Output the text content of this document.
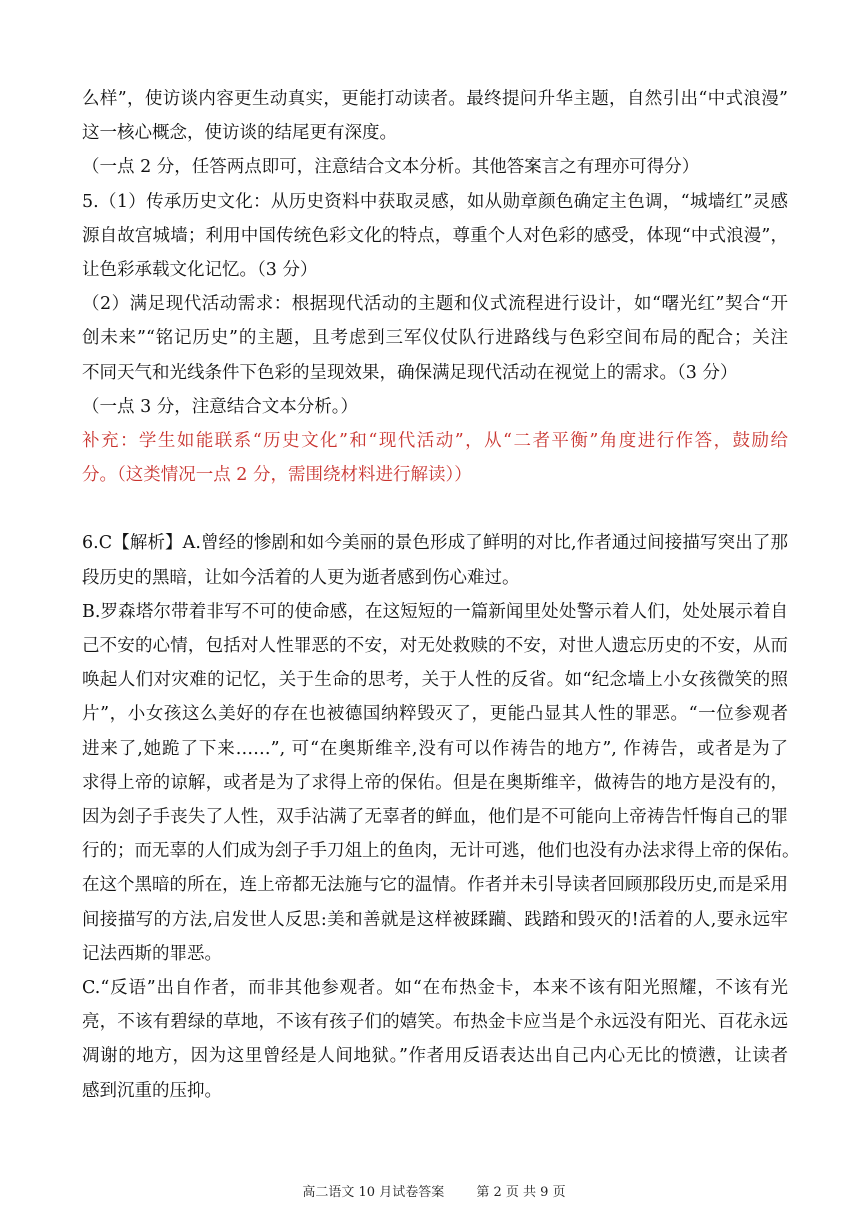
么样”，使访谈内容更生动真实，更能打动读者。最终提问升华主题，自然引出“中式浪漫”
这一核心概念，使访谈的结尾更有深度。
（一点 2 分，任答两点即可，注意结合文本分析。其他答案言之有理亦可得分）
5.（1）传承历史文化：从历史资料中获取灵感，如从勋章颜色确定主色调，“城墙红”灵感
源自故宫城墙；利用中国传统色彩文化的特点，尊重个人对色彩的感受，体现“中式浪漫”，
让色彩承载文化记忆。（3 分）
（2）满足现代活动需求：根据现代活动的主题和仪式流程进行设计，如“曙光红”契合“开
创未来”“铭记历史”的主题，且考虑到三军仪仗队行进路线与色彩空间布局的配合；关注
不同天气和光线条件下色彩的呈现效果，确保满足现代活动在视觉上的需求。（3 分）
（一点 3 分，注意结合文本分析。）
补充：学生如能联系“历史文化”和“现代活动”，从“二者平衡”角度进行作答，鼓励给
分。（这类情况一点 2 分，需围绕材料进行解读））
6.C【解析】A.曾经的惨剧和如今美丽的景色形成了鲜明的对比,作者通过间接描写突出了那
段历史的黑暗，让如今活着的人更为逝者感到伤心难过。
B.罗森塔尔带着非写不可的使命感，在这短短的一篇新闻里处处警示着人们，处处展示着自
己不安的心情，包括对人性罪恶的不安，对无处救赎的不安，对世人遗忘历史的不安，从而
唤起人们对灾难的记忆，关于生命的思考，关于人性的反省。如“纪念墙上小女孩微笑的照
片”，小女孩这么美好的存在也被德国纳粹毁灭了，更能凸显其人性的罪恶。“一位参观者
进来了,她跪了下来……”, 可“在奥斯维辛,没有可以作祷告的地方”, 作祷告，或者是为了
求得上帝的谅解，或者是为了求得上帝的保佑。但是在奥斯维辛，做祷告的地方是没有的，
因为刽子手丧失了人性，双手沾满了无辜者的鲜血，他们是不可能向上帝祷告忏悔自己的罪
行的；而无辜的人们成为刽子手刀俎上的鱼肉，无计可逃，他们也没有办法求得上帝的保佑。
在这个黑暗的所在，连上帝都无法施与它的温情。作者并未引导读者回顾那段历史,而是采用
间接描写的方法,启发世人反思:美和善就是这样被蹂躏、践踏和毁灭的!活着的人,要永远牢
记法西斯的罪恶。
C.“反语”出自作者，而非其他参观者。如“在布热金卡，本来不该有阳光照耀，不该有光
亮，不该有碧绿的草地，不该有孩子们的嬉笑。布热金卡应当是个永远没有阳光、百花永远
凋谢的地方，因为这里曾经是人间地狱。”作者用反语表达出自己内心无比的愤懑，让读者
感到沉重的压抑。
高二语文 10 月试卷答案 第 2 页 共 9 页
